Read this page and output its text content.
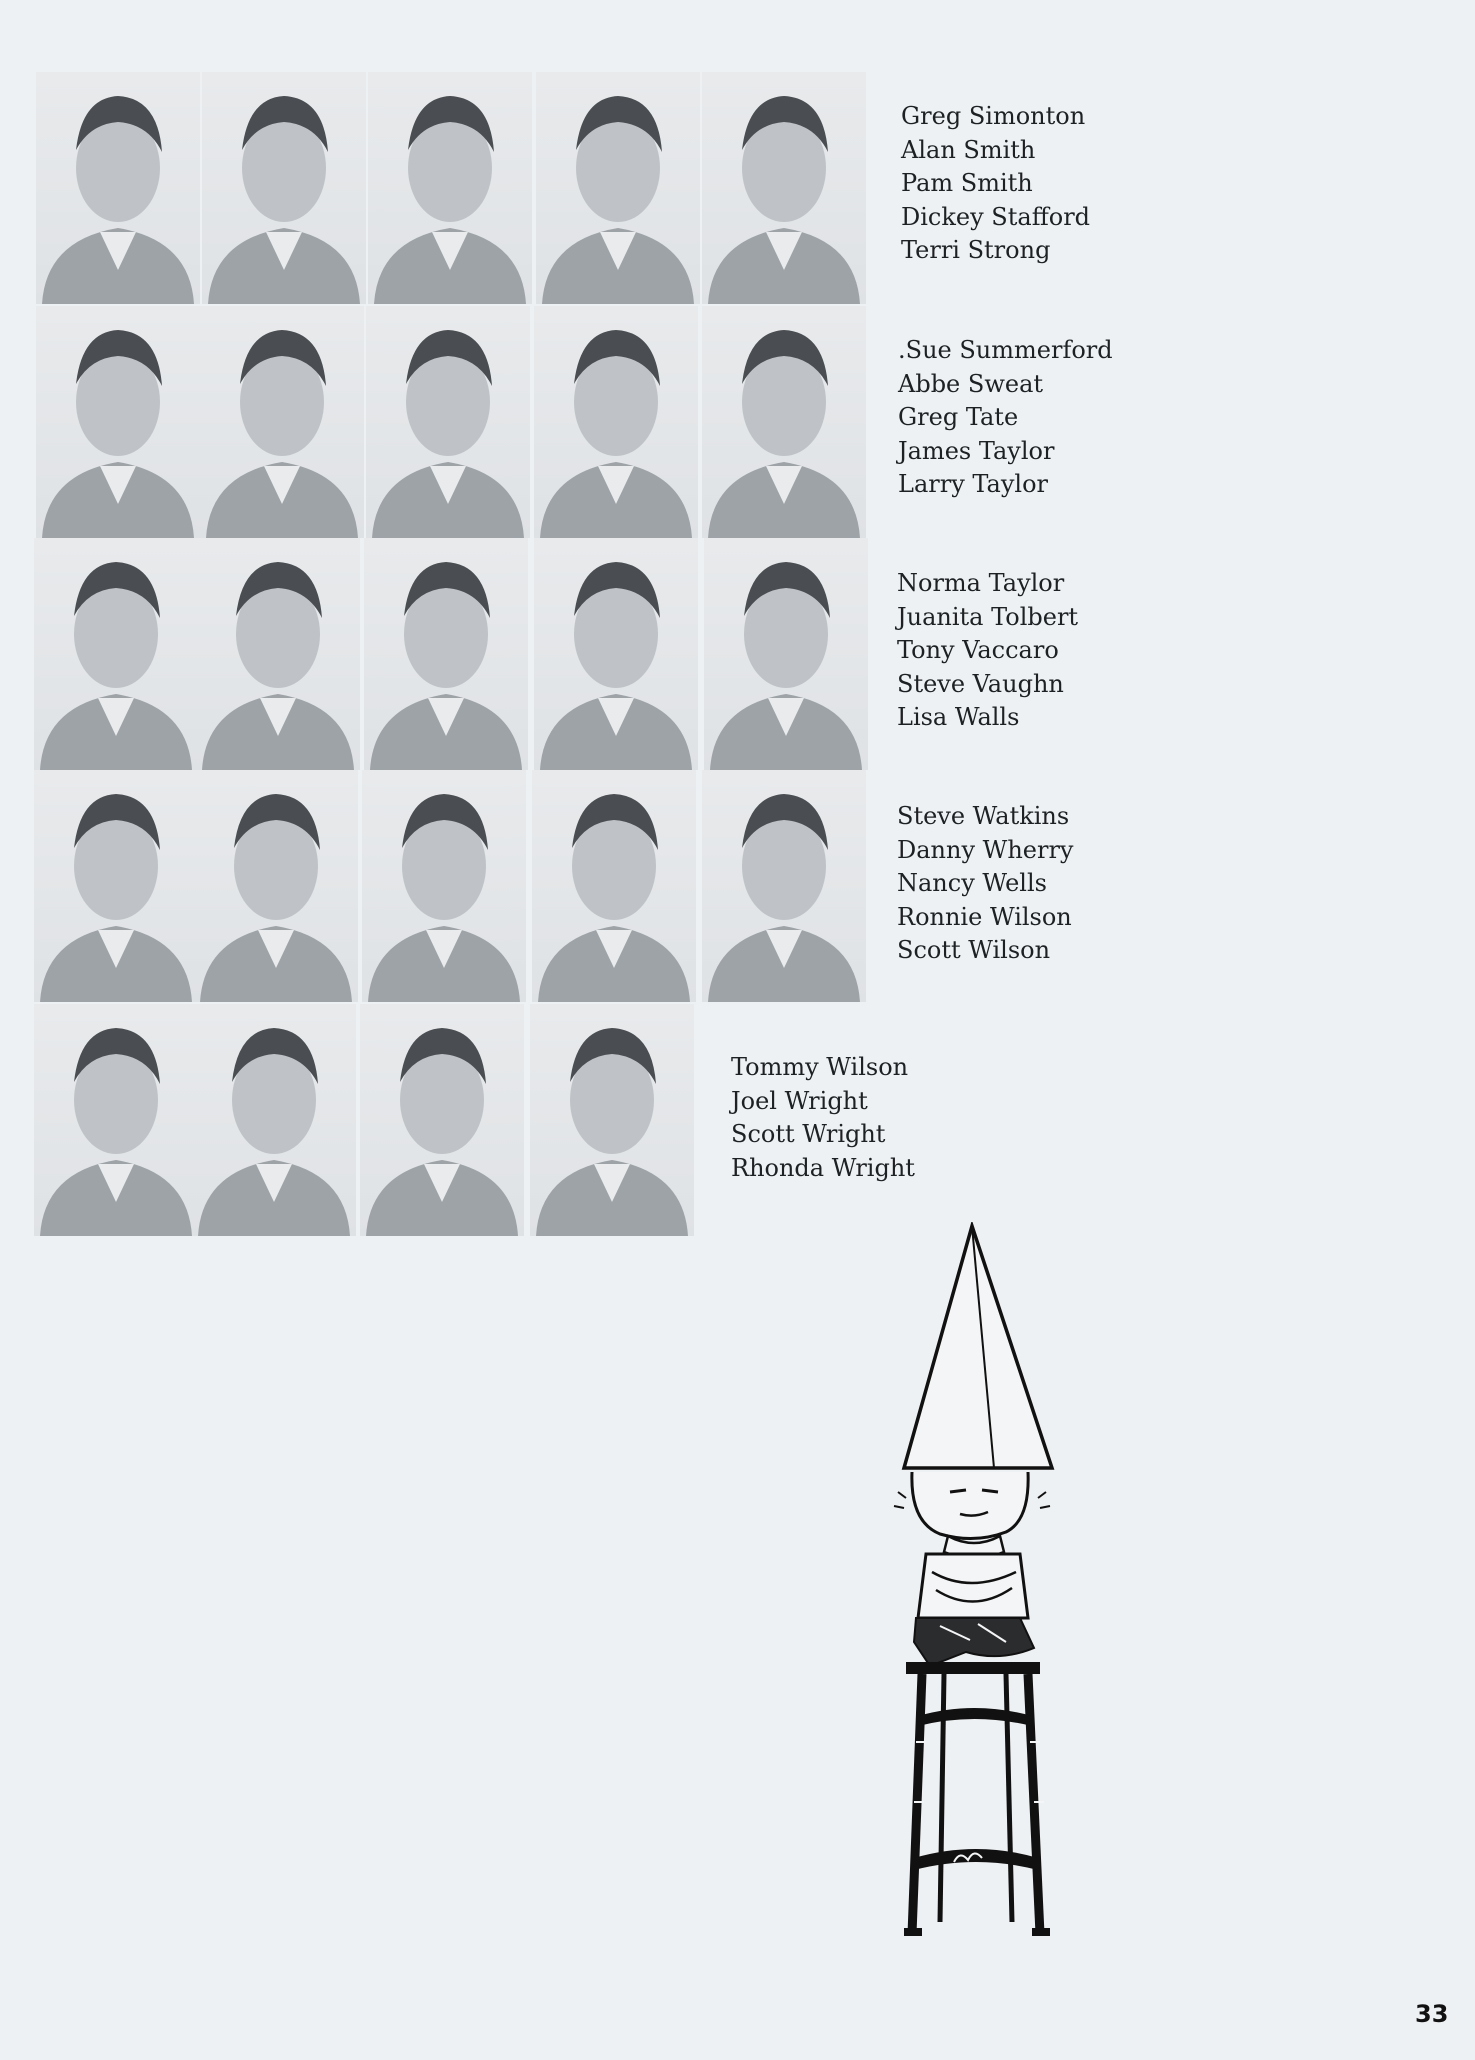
Greg Simonton
Alan Smith
Pam Smith
Dickey Stafford
Terri Strong
.Sue Summerford
Abbe Sweat
Greg Tate
James Taylor
Larry Taylor
Norma Taylor
Juanita Tolbert
Tony Vaccaro
Steve Vaughn
Lisa Walls
Steve Watkins
Danny Wherry
Nancy Wells
Ronnie Wilson
Scott Wilson
Tommy Wilson
Joel Wright
Scott Wright
Rhonda Wright
33
